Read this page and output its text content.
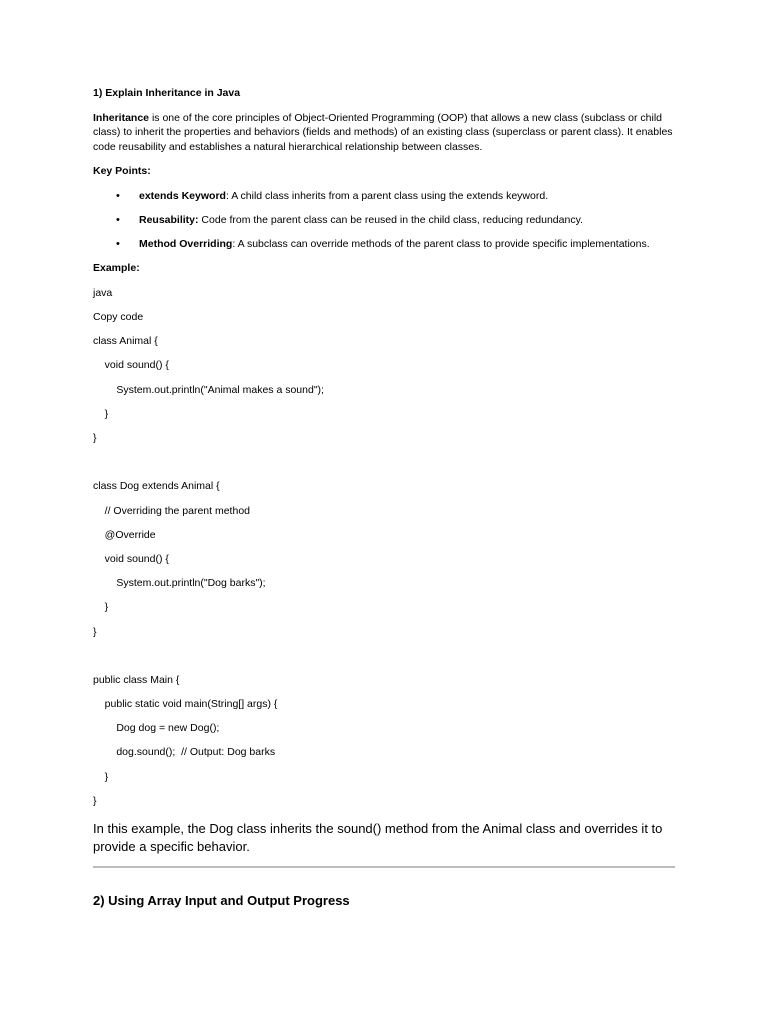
1) Explain Inheritance in Java
Inheritance is one of the core principles of Object-Oriented Programming (OOP) that allows a new class (subclass or child class) to inherit the properties and behaviors (fields and methods) of an existing class (superclass or parent class). It enables code reusability and establishes a natural hierarchical relationship between classes.
Key Points:
• extends Keyword: A child class inherits from a parent class using the extends keyword.
• Reusability: Code from the parent class can be reused in the child class, reducing redundancy.
• Method Overriding: A subclass can override methods of the parent class to provide specific implementations.
Example:
java
Copy code
class Animal {
void sound() {
System.out.println("Animal makes a sound");
}
}
class Dog extends Animal {
// Overriding the parent method
@Override
void sound() {
System.out.println("Dog barks");
}
}
public class Main {
public static void main(String[] args) {
Dog dog = new Dog();
dog.sound();  // Output: Dog barks
}
}
In this example, the Dog class inherits the sound() method from the Animal class and overrides it to provide a specific behavior.
2) Using Array Input and Output Progress
